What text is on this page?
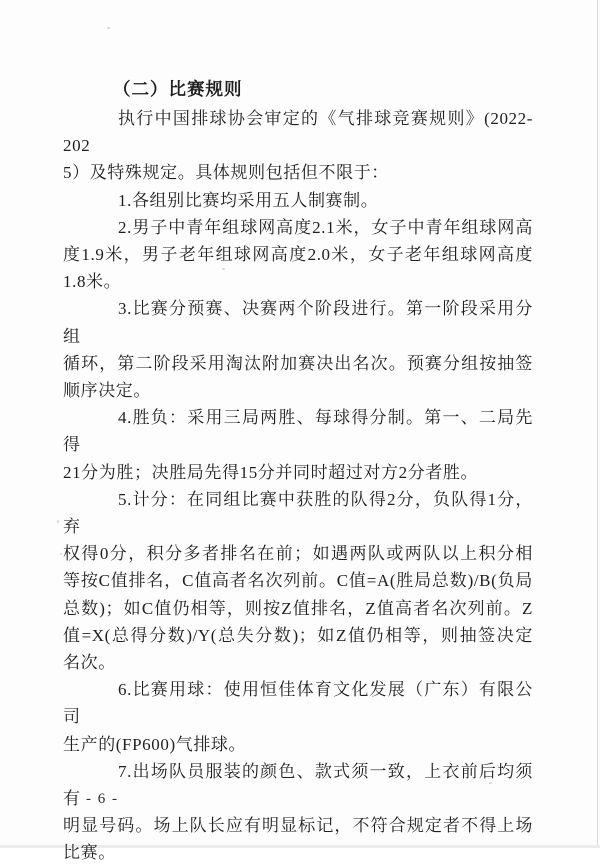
（二）比赛规则
执行中国排球协会审定的《气排球竞赛规则》(2022-202
5）及特殊规定。具体规则包括但不限于：
1.各组别比赛均采用五人制赛制。
2.男子中青年组球网高度2.1米，女子中青年组球网高
度1.9米，男子老年组球网高度2.0米，女子老年组球网高度
1.8米。
3.比赛分预赛、决赛两个阶段进行。第一阶段采用分组
循环，第二阶段采用淘汰附加赛决出名次。预赛分组按抽签
顺序决定。
4.胜负：采用三局两胜、每球得分制。第一、二局先得
21分为胜；决胜局先得15分并同时超过对方2分者胜。
5.计分：在同组比赛中获胜的队得2分，负队得1分，弃
权得0分，积分多者排名在前；如遇两队或两队以上积分相
等按C值排名，C值高者名次列前。C值=A(胜局总数)/B(负局
总数)；如C值仍相等，则按Z值排名，Z值高者名次列前。Z
值=X(总得分数)/Y(总失分数)；如Z值仍相等，则抽签决定
名次。
6.比赛用球：使用恒佳体育文化发展（广东）有限公司
生产的(FP600)气排球。
7.出场队员服装的颜色、款式须一致，上衣前后均须有
明显号码。场上队长应有明显标记，不符合规定者不得上场
比赛。
- 6 -
